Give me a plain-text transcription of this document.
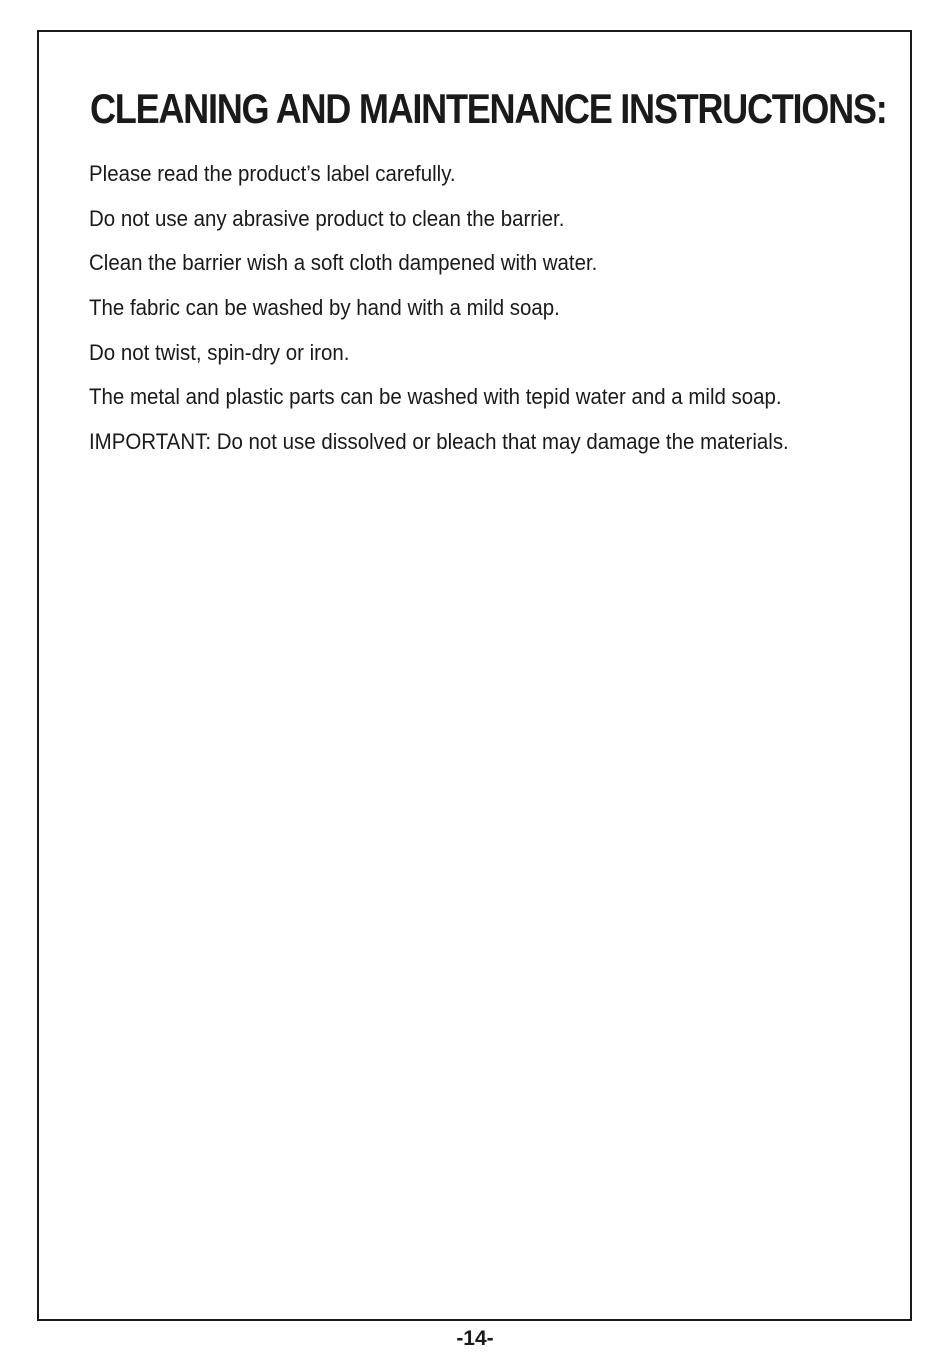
CLEANING AND MAINTENANCE INSTRUCTIONS:
Please read the product’s label carefully.
Do not use any abrasive product to clean the barrier.
Clean the barrier wish a soft cloth dampened with water.
The fabric can be washed by hand with a mild soap.
Do not twist, spin-dry or iron.
The metal and plastic parts can be washed with tepid water and a mild soap.
IMPORTANT: Do not use dissolved or bleach that may damage the materials.
-14-
